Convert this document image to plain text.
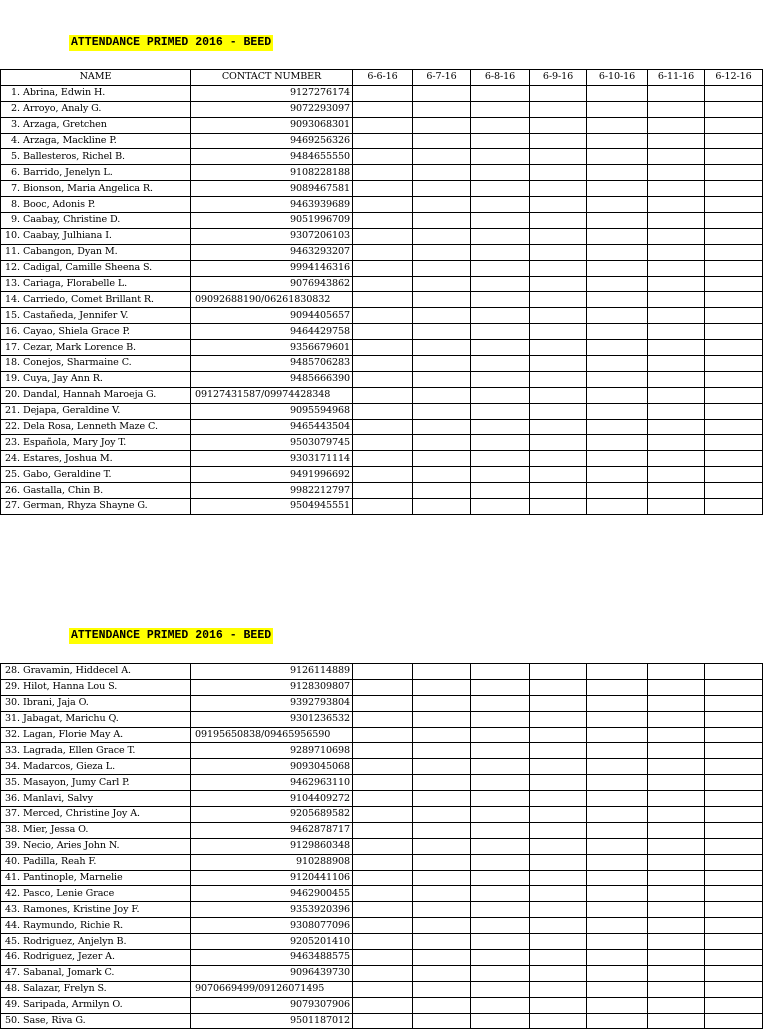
ATTENDANCE PRIMED 2016 - BEED
NAME	CONTACT NUMBER	6-6-16	6-7-16	6-8-16	6-9-16	6-10-16	6-11-16	6-12-16
1. Abrina, Edwin H.	9127276174							
2. Arroyo, Analy G.	9072293097							
3. Arzaga, Gretchen	9093068301							
4. Arzaga, Mackline P.	9469256326							
5. Ballesteros, Richel B.	9484655550							
6. Barrido, Jenelyn L.	9108228188							
7. Bionson, Maria Angelica R.	9089467581							
8. Booc, Adonis P.	9463939689							
9. Caabay, Christine D.	9051996709							
10. Caabay, Julhiana I.	9307206103							
11. Cabangon, Dyan M.	9463293207							
12. Cadigal, Camille Sheena S.	9994146316							
13. Cariaga, Florabelle L.	9076943862							
14. Carriedo, Comet Brillant R.	09092688190/06261830832							
15. Castañeda, Jennifer V.	9094405657							
16. Cayao, Shiela Grace P.	9464429758							
17. Cezar, Mark Lorence B.	9356679601							
18. Conejos, Sharmaine C.	9485706283							
19. Cuya, Jay Ann R.	9485666390							
20. Dandal, Hannah Maroeja G.	09127431587/09974428348							
21. Dejapa, Geraldine V.	9095594968							
22. Dela Rosa, Lenneth Maze C.	9465443504							
23. Española, Mary Joy T.	9503079745							
24. Estares, Joshua M.	9303171114							
25. Gabo, Geraldine T.	9491996692							
26. Gastalla, Chin B.	9982212797							
27. German, Rhyza Shayne G.	9504945551							
ATTENDANCE PRIMED 2016 - BEED
28. Gravamin, Hiddecel A.	9126114889							
29. Hilot, Hanna Lou S.	9128309807							
30. Ibrani, Jaja O.	9392793804							
31. Jabagat, Marichu Q.	9301236532							
32. Lagan, Florie May A.	09195650838/09465956590							
33. Lagrada, Ellen Grace T.	9289710698							
34. Madarcos, Gieza L.	9093045068							
35. Masayon, Jumy Carl P.	9462963110							
36. Manlavi, Salvy	9104409272							
37. Merced, Christine Joy A.	9205689582							
38. Mier, Jessa O.	9462878717							
39. Necio, Aries John N.	9129860348							
40. Padilla, Reah F.	910288908							
41. Pantinople, Marnelie	9120441106							
42. Pasco, Lenie Grace	9462900455							
43. Ramones, Kristine Joy F.	9353920396							
44. Raymundo, Richie R.	9308077096							
45. Rodriguez, Anjelyn B.	9205201410							
46. Rodriguez, Jezer A.	9463488575							
47. Sabanal, Jomark C.	9096439730							
48. Salazar, Frelyn S.	9070669499/09126071495							
49. Saripada, Armilyn O.	9079307906							
50. Sase, Riva G.	9501187012							
